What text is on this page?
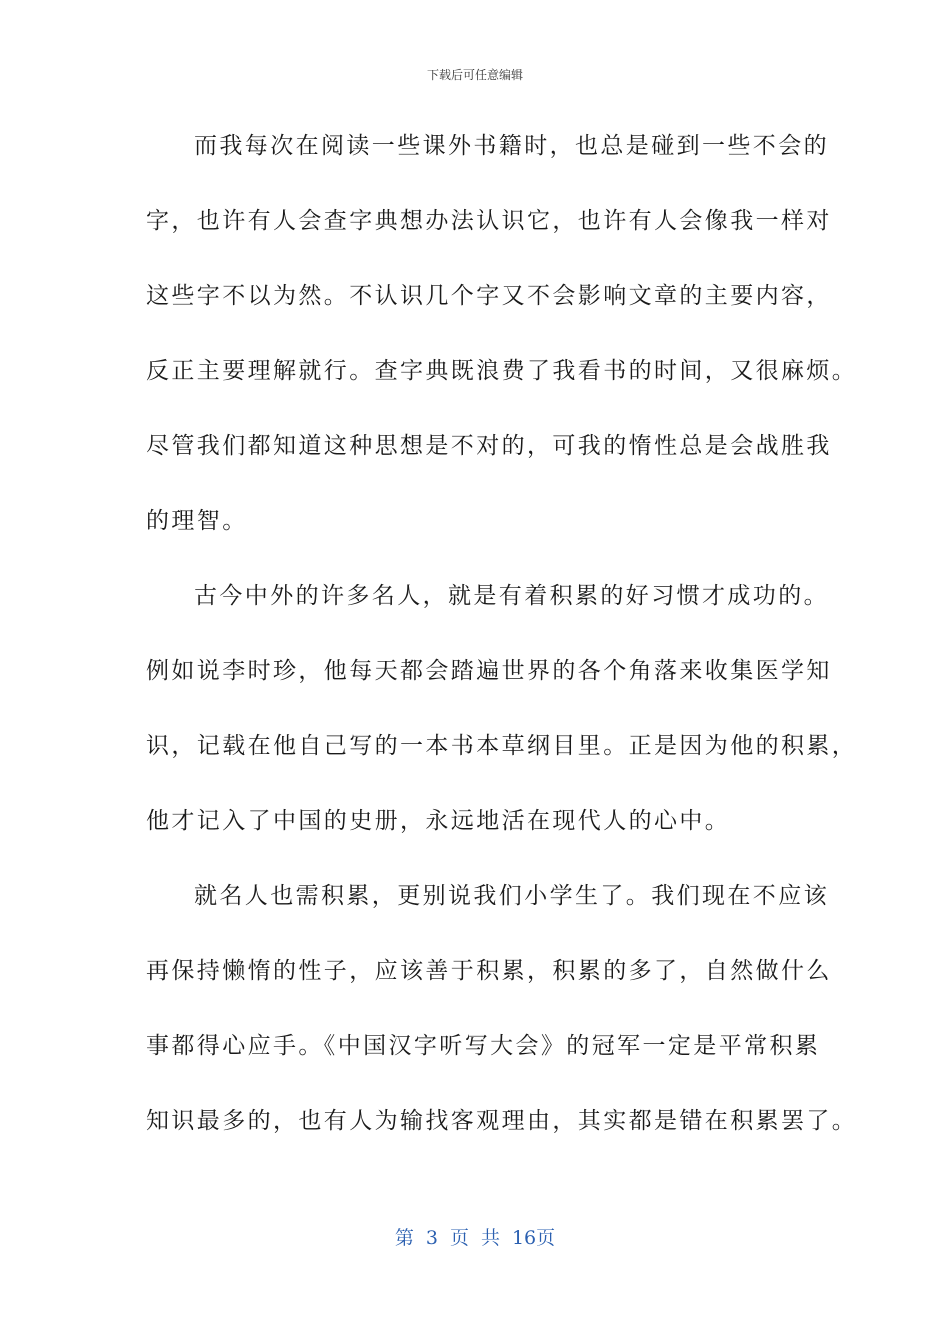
下载后可任意编辑
而我每次在阅读一些课外书籍时，也总是碰到一些不会的
字，也许有人会查字典想办法认识它，也许有人会像我一样对
这些字不以为然。不认识几个字又不会影响文章的主要内容，
反正主要理解就行。查字典既浪费了我看书的时间，又很麻烦。
尽管我们都知道这种思想是不对的，可我的惰性总是会战胜我
的理智。
古今中外的许多名人，就是有着积累的好习惯才成功的。
例如说李时珍，他每天都会踏遍世界的各个角落来收集医学知
识，记载在他自己写的一本书本草纲目里。正是因为他的积累，
他才记入了中国的史册，永远地活在现代人的心中。
就名人也需积累，更别说我们小学生了。我们现在不应该
再保持懒惰的性子，应该善于积累，积累的多了，自然做什么
事都得心应手。《中国汉字听写大会》的冠军一定是平常积累
知识最多的，也有人为输找客观理由，其实都是错在积累罢了。
第 3 页 共 16页
